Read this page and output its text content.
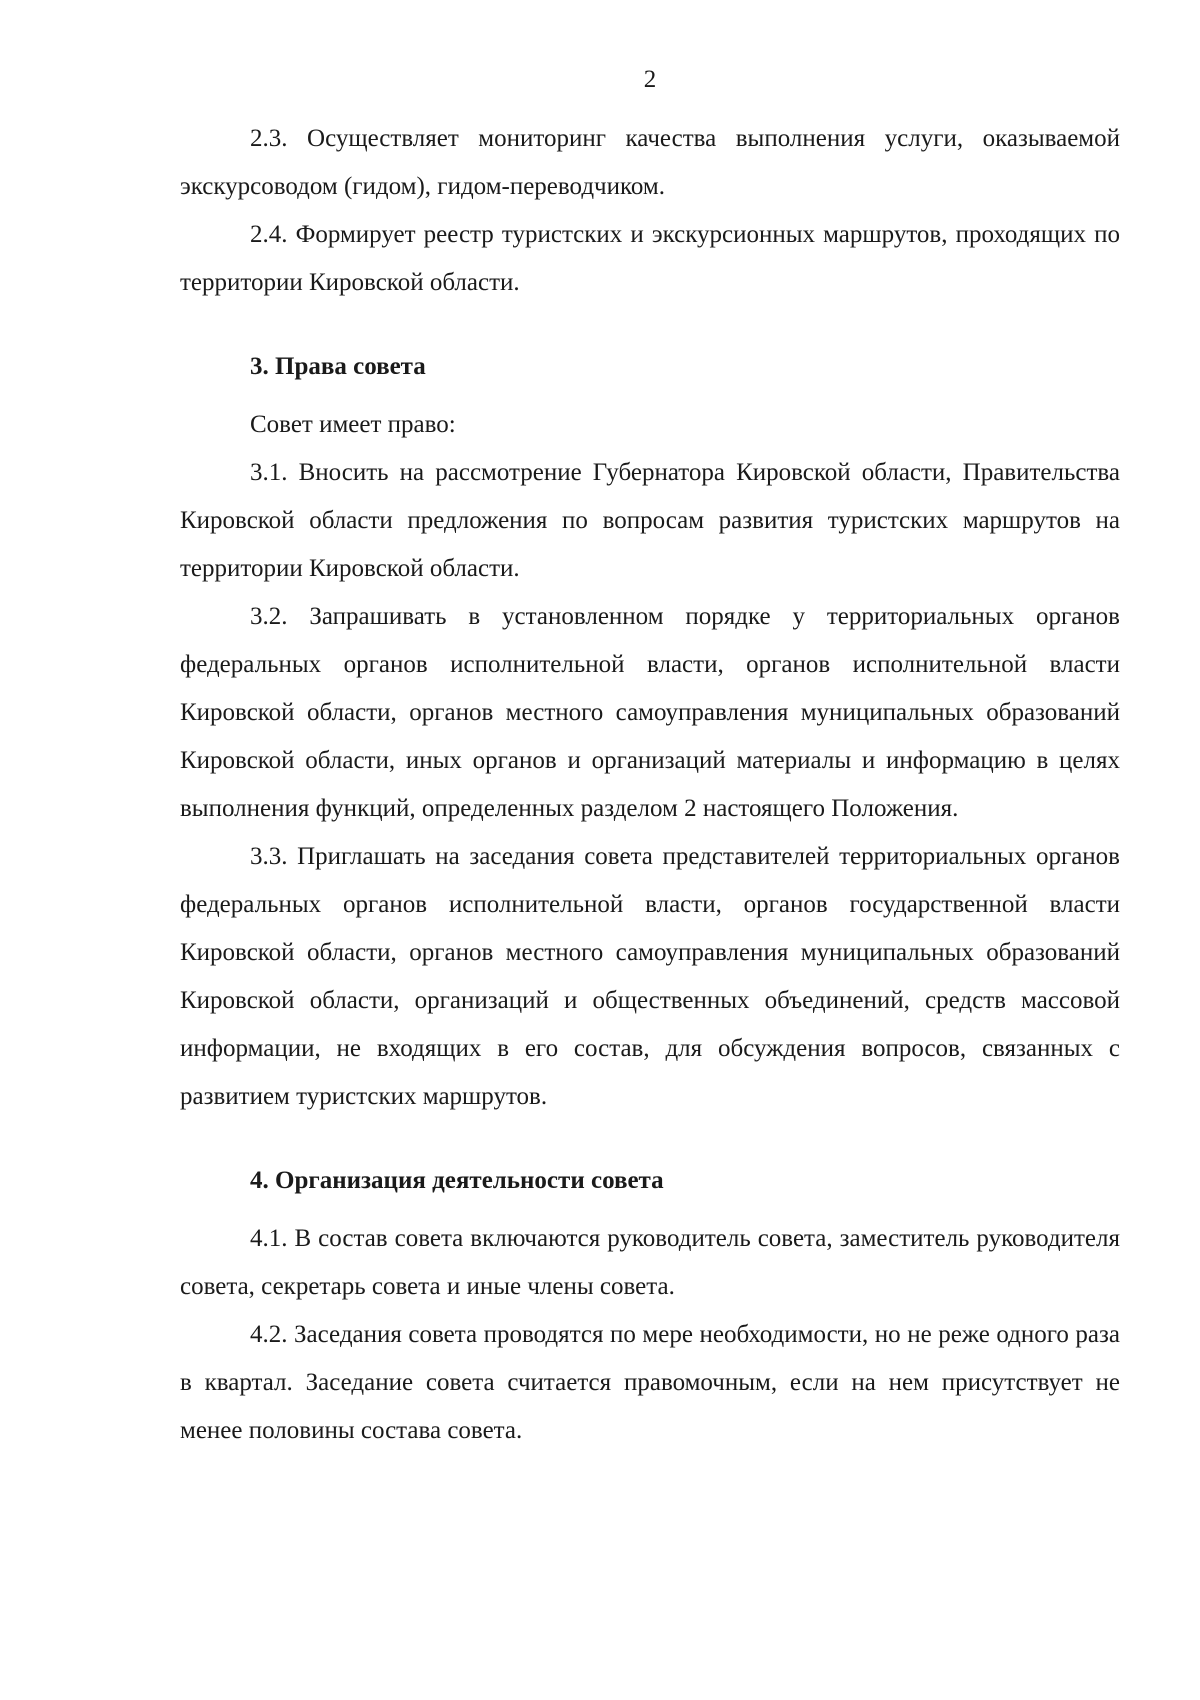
2

2.3. Осуществляет мониторинг качества выполнения услуги, оказываемой экскурсоводом (гидом), гидом-переводчиком.

2.4. Формирует реестр туристских и экскурсионных маршрутов, проходящих по территории Кировской области.

3. Права совета

Совет имеет право:

3.1. Вносить на рассмотрение Губернатора Кировской области, Правительства Кировской области предложения по вопросам развития туристских маршрутов на территории Кировской области.

3.2. Запрашивать в установленном порядке у территориальных органов федеральных органов исполнительной власти, органов исполнительной власти Кировской области, органов местного самоуправления муниципальных образований Кировской области, иных органов и организаций материалы и информацию в целях выполнения функций, определенных разделом 2 настоящего Положения.

3.3. Приглашать на заседания совета представителей территориальных органов федеральных органов исполнительной власти, органов государственной власти Кировской области, органов местного самоуправления муниципальных образований Кировской области, организаций и общественных объединений, средств массовой информации, не входящих в его состав, для обсуждения вопросов, связанных с развитием туристских маршрутов.

4. Организация деятельности совета

4.1. В состав совета включаются руководитель совета, заместитель руководителя совета, секретарь совета и иные члены совета.

4.2. Заседания совета проводятся по мере необходимости, но не реже одного раза в квартал. Заседание совета считается правомочным, если на нем присутствует не менее половины состава совета.
